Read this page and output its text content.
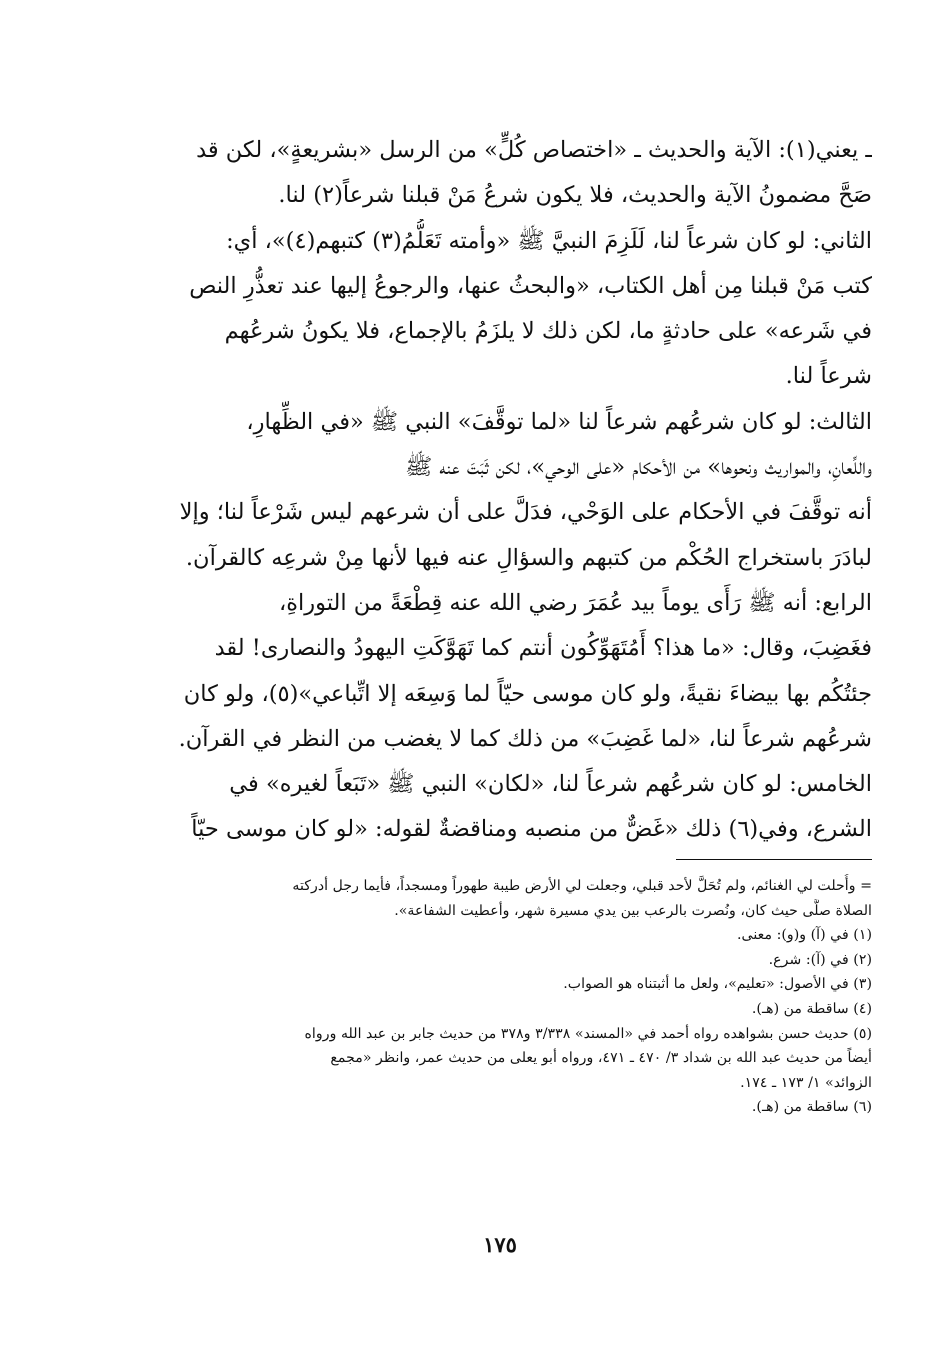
ـ يعني(١): الآية والحديث ـ «اختصاص كُلٍّ» من الرسل «بشريعةٍ»، لكن قد
صَحَّ مضمونُ الآية والحديث، فلا يكون شرعُ مَنْ قبلنا شرعاً(٢) لنا.
الثاني: لو كان شرعاً لنا، لَلَزِمَ النبيَّ ﷺ «وأمته تَعَلُّمُ(٣) كتبهم(٤)»، أي:
كتب مَنْ قبلنا مِن أهل الكتاب، «والبحثُ عنها، والرجوعُ إليها عند تعذُّرِ النص
في شَرعه» على حادثةٍ ما، لكن ذلك لا يلزَمُ بالإجماع، فلا يكونُ شرعُهم
شرعاً لنا.
الثالث: لو كان شرعُهم شرعاً لنا «لما توقَّفَ» النبي ﷺ «في الظِّهارِ،
واللِّعانِ، والمواريث ونحوها» من الأحكام «على الوحي»، لكن ثَبَتَ عنه ﷺ
أنه توقَّفَ في الأحكام على الوَحْي، فدَلَّ على أن شرعهم ليس شَرْعاً لنا؛ وإلا
لبادَرَ باستخراج الحُكْم من كتبهم والسؤالِ عنه فيها لأنها مِنْ شرعِه كالقرآن.
الرابع: أنه ﷺ رَأَى يوماً بيد عُمَرَ رضي الله عنه قِطْعَةً من التوراةِ،
فغَضِبَ، وقال: «ما هذا؟ أَمُتَهَوِّكُون أنتم كما تَهَوَّكَتِ اليهودُ والنصارى! لقد
جئتُكُم بها بيضاءَ نقيةً، ولو كان موسى حيّاً لما وَسِعَه إلا اتِّباعي»(٥)، ولو كان
شرعُهم شرعاً لنا، «لما غَضِبَ» من ذلك كما لا يغضب من النظر في القرآن.
الخامس: لو كان شرعُهم شرعاً لنا، «لكان» النبي ﷺ «تَبَعاً لغيره» في
الشرع، وفي(٦) ذلك «غَضٌّ من منصبه ومناقضةٌ لقوله: «لو كان موسى حيّاً
= وأُحلت لي الغنائم، ولم تُحَلَّ لأحد قبلي، وجعلت لي الأرض طيبة طهوراً ومسجداً، فأيما رجل أدركته
الصلاة صلَّى حيث كان، ونُصرت بالرعب بين يدي مسيرة شهر، وأعطيت الشفاعة».
(١) في (آ) و(و): معنى.
(٢) في (آ): شرع.
(٣) في الأصول: «تعليم»، ولعل ما أثبتناه هو الصواب.
(٤) ساقطة من (هـ).
(٥) حديث حسن بشواهده رواه أحمد في «المسند» ٣/٣٣٨ و٣٧٨ من حديث جابر بن عبد الله ورواه
أيضاً من حديث عبد الله بن شداد ٣/ ٤٧٠ ـ ٤٧١، ورواه أبو يعلى من حديث عمر، وانظر «مجمع
الزوائد» ١/ ١٧٣ ـ ١٧٤.
(٦) ساقطة من (هـ).
١٧٥
